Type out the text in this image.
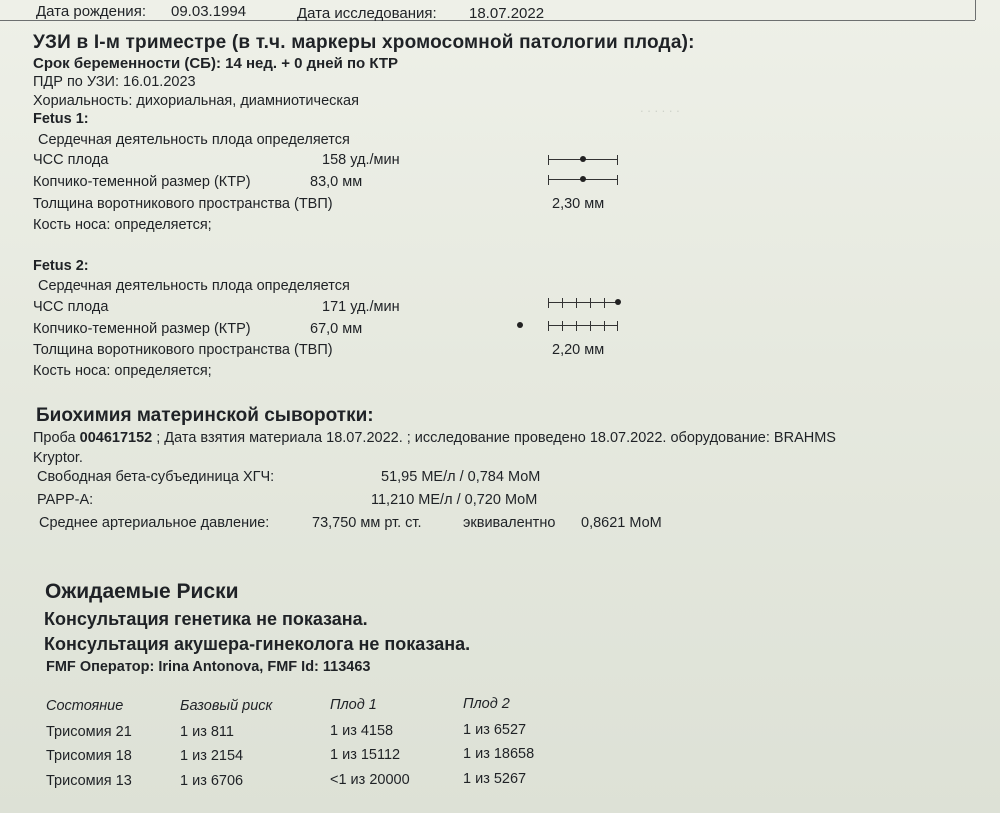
. . . . . .
Дата рождения: 09.03.1994	Дата исследования: 18.07.2022
УЗИ в I-м триместре (в т.ч. маркеры хромосомной патологии плода):
Срок беременности (СБ): 14 нед. + 0 дней по КТР
ПДР по УЗИ: 16.01.2023
Хориальность: дихориальная, диамниотическая
Fetus 1:
Сердечная деятельность плода определяется
ЧСС плода	158 уд./мин
Копчико-теменной размер (КТР)	83,0 мм
Толщина воротникового пространства (ТВП)	2,30 мм
Кость носа: определяется;
Fetus 2:
Сердечная деятельность плода определяется
ЧСС плода	171 уд./мин
Копчико-теменной размер (КТР)	67,0 мм
Толщина воротникового пространства (ТВП)	2,20 мм
Кость носа: определяется;
Биохимия материнской сыворотки:
Проба 004617152 ; Дата взятия материала 18.07.2022. ; исследование проведено 18.07.2022. оборудование: BRAHMS
Kryptor.
Свободная бета-субъединица ХГЧ:	51,95 МЕ/л / 0,784 МоМ
PAPP-A:	11,210 МЕ/л / 0,720 МоМ
Среднее артериальное давление:	73,750 мм рт. ст.	эквивалентно 0,8621 МоМ
Ожидаемые Риски
Консультация генетика не показана.
Консультация акушера-гинеколога не показана.
FMF Оператор: Irina Antonova, FMF Id: 113463
Состояние	Базовый риск	Плод 1	Плод 2
Трисомия 21	1 из 811	1 из 4158	1 из 6527
Трисомия 18	1 из 2154	1 из 15112	1 из 18658
Трисомия 13	1 из 6706	<1 из 20000	1 из 5267
